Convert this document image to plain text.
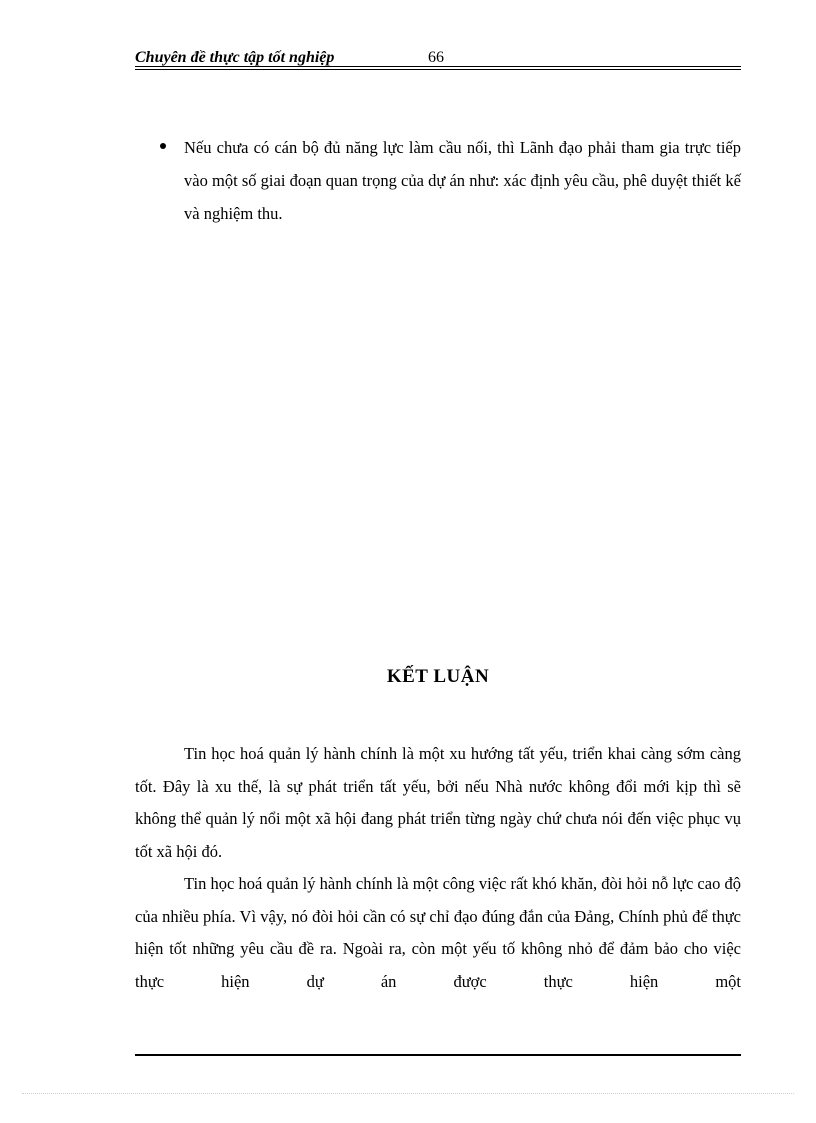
Chuyên đề thực tập tốt nghiệp	66
Nếu chưa có cán bộ đủ năng lực làm cầu nối, thì Lãnh đạo phải tham gia trực tiếp vào một số giai đoạn quan trọng của dự án như: xác định yêu cầu, phê duyệt thiết kế và nghiệm thu.
KẾT LUẬN

Tin học hoá quản lý hành chính là một xu hướng tất yếu, triển khai càng sớm càng tốt. Đây là xu thế, là sự phát triển tất yếu, bởi nếu Nhà nước không đổi mới kịp thì sẽ không thể quản lý nổi một xã hội đang phát triển từng ngày chứ chưa nói đến việc phục vụ tốt xã hội đó.

Tin học hoá quản lý hành chính là một công việc rất khó khăn, đòi hỏi nỗ lực cao độ của nhiều phía. Vì vậy, nó đòi hỏi cần có sự chỉ đạo đúng đắn của Đảng, Chính phủ để thực hiện tốt những yêu cầu đề ra. Ngoài ra, còn một yếu tố không nhỏ để đảm bảo cho việc thực hiện dự án được thực hiện một
